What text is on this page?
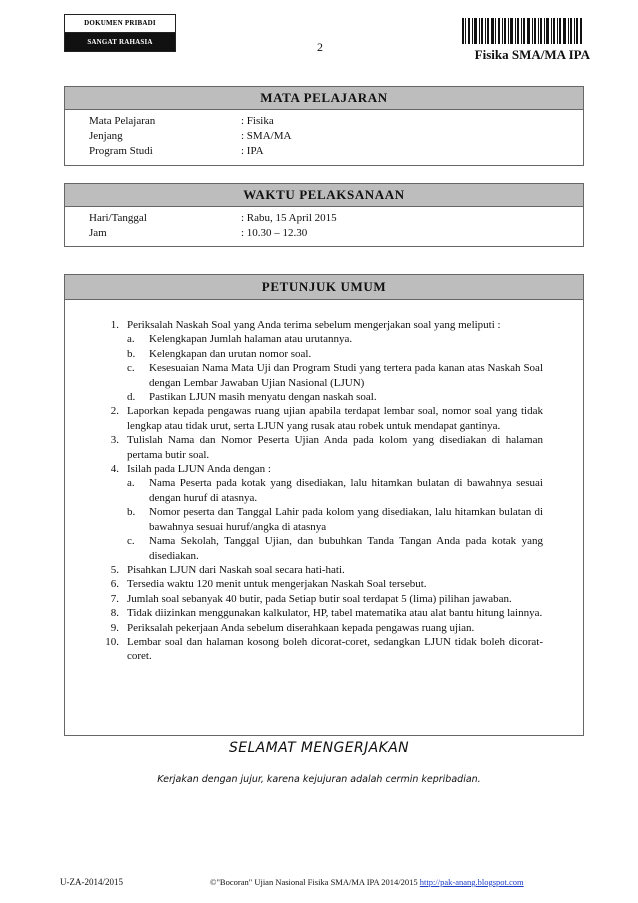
DOKUMEN PRIBADI
SANGAT RAHASIA	2	Fisika SMA/MA IPA
MATA PELAJARAN
Mata Pelajaran	: Fisika
Jenjang	: SMA/MA
Program Studi	: IPA
WAKTU PELAKSANAAN
Hari/Tanggal	: Rabu, 15 April 2015
Jam	: 10.30 – 12.30
PETUNJUK UMUM
1. Periksalah Naskah Soal yang Anda terima sebelum mengerjakan soal yang meliputi :
a. Kelengkapan Jumlah halaman atau urutannya.
b. Kelengkapan dan urutan nomor soal.
c. Kesesuaian Nama Mata Uji dan Program Studi yang tertera pada kanan atas Naskah Soal dengan Lembar Jawaban Ujian Nasional (LJUN)
d. Pastikan LJUN masih menyatu dengan naskah soal.
2. Laporkan kepada pengawas ruang ujian apabila terdapat lembar soal, nomor soal yang tidak lengkap atau tidak urut, serta LJUN yang rusak atau robek untuk mendapat gantinya.
3. Tulislah Nama dan Nomor Peserta Ujian Anda pada kolom yang disediakan di halaman pertama butir soal.
4. Isilah pada LJUN Anda dengan :
a. Nama Peserta pada kotak yang disediakan, lalu hitamkan bulatan di bawahnya sesuai dengan huruf di atasnya.
b. Nomor peserta dan Tanggal Lahir pada kolom yang disediakan, lalu hitamkan bulatan di bawahnya sesuai huruf/angka di atasnya
c. Nama Sekolah, Tanggal Ujian, dan bubuhkan Tanda Tangan Anda pada kotak yang disediakan.
5. Pisahkan LJUN dari Naskah soal secara hati-hati.
6. Tersedia waktu 120 menit untuk mengerjakan Naskah Soal tersebut.
7. Jumlah soal sebanyak 40 butir, pada Setiap butir soal terdapat 5 (lima) pilihan jawaban.
8. Tidak diizinkan menggunakan kalkulator, HP, tabel matematika atau alat bantu hitung lainnya.
9. Periksalah pekerjaan Anda sebelum diserahkaan kepada pengawas ruang ujian.
10. Lembar soal dan halaman kosong boleh dicorat-coret, sedangkan LJUN tidak boleh dicorat-coret.
SELAMAT MENGERJAKAN
Kerjakan dengan jujur, karena kejujuran adalah cermin kepribadian.
U-ZA-2014/2015	©"Bocoran" Ujian Nasional Fisika SMA/MA IPA 2014/2015 http://pak-anang.blogspot.com
